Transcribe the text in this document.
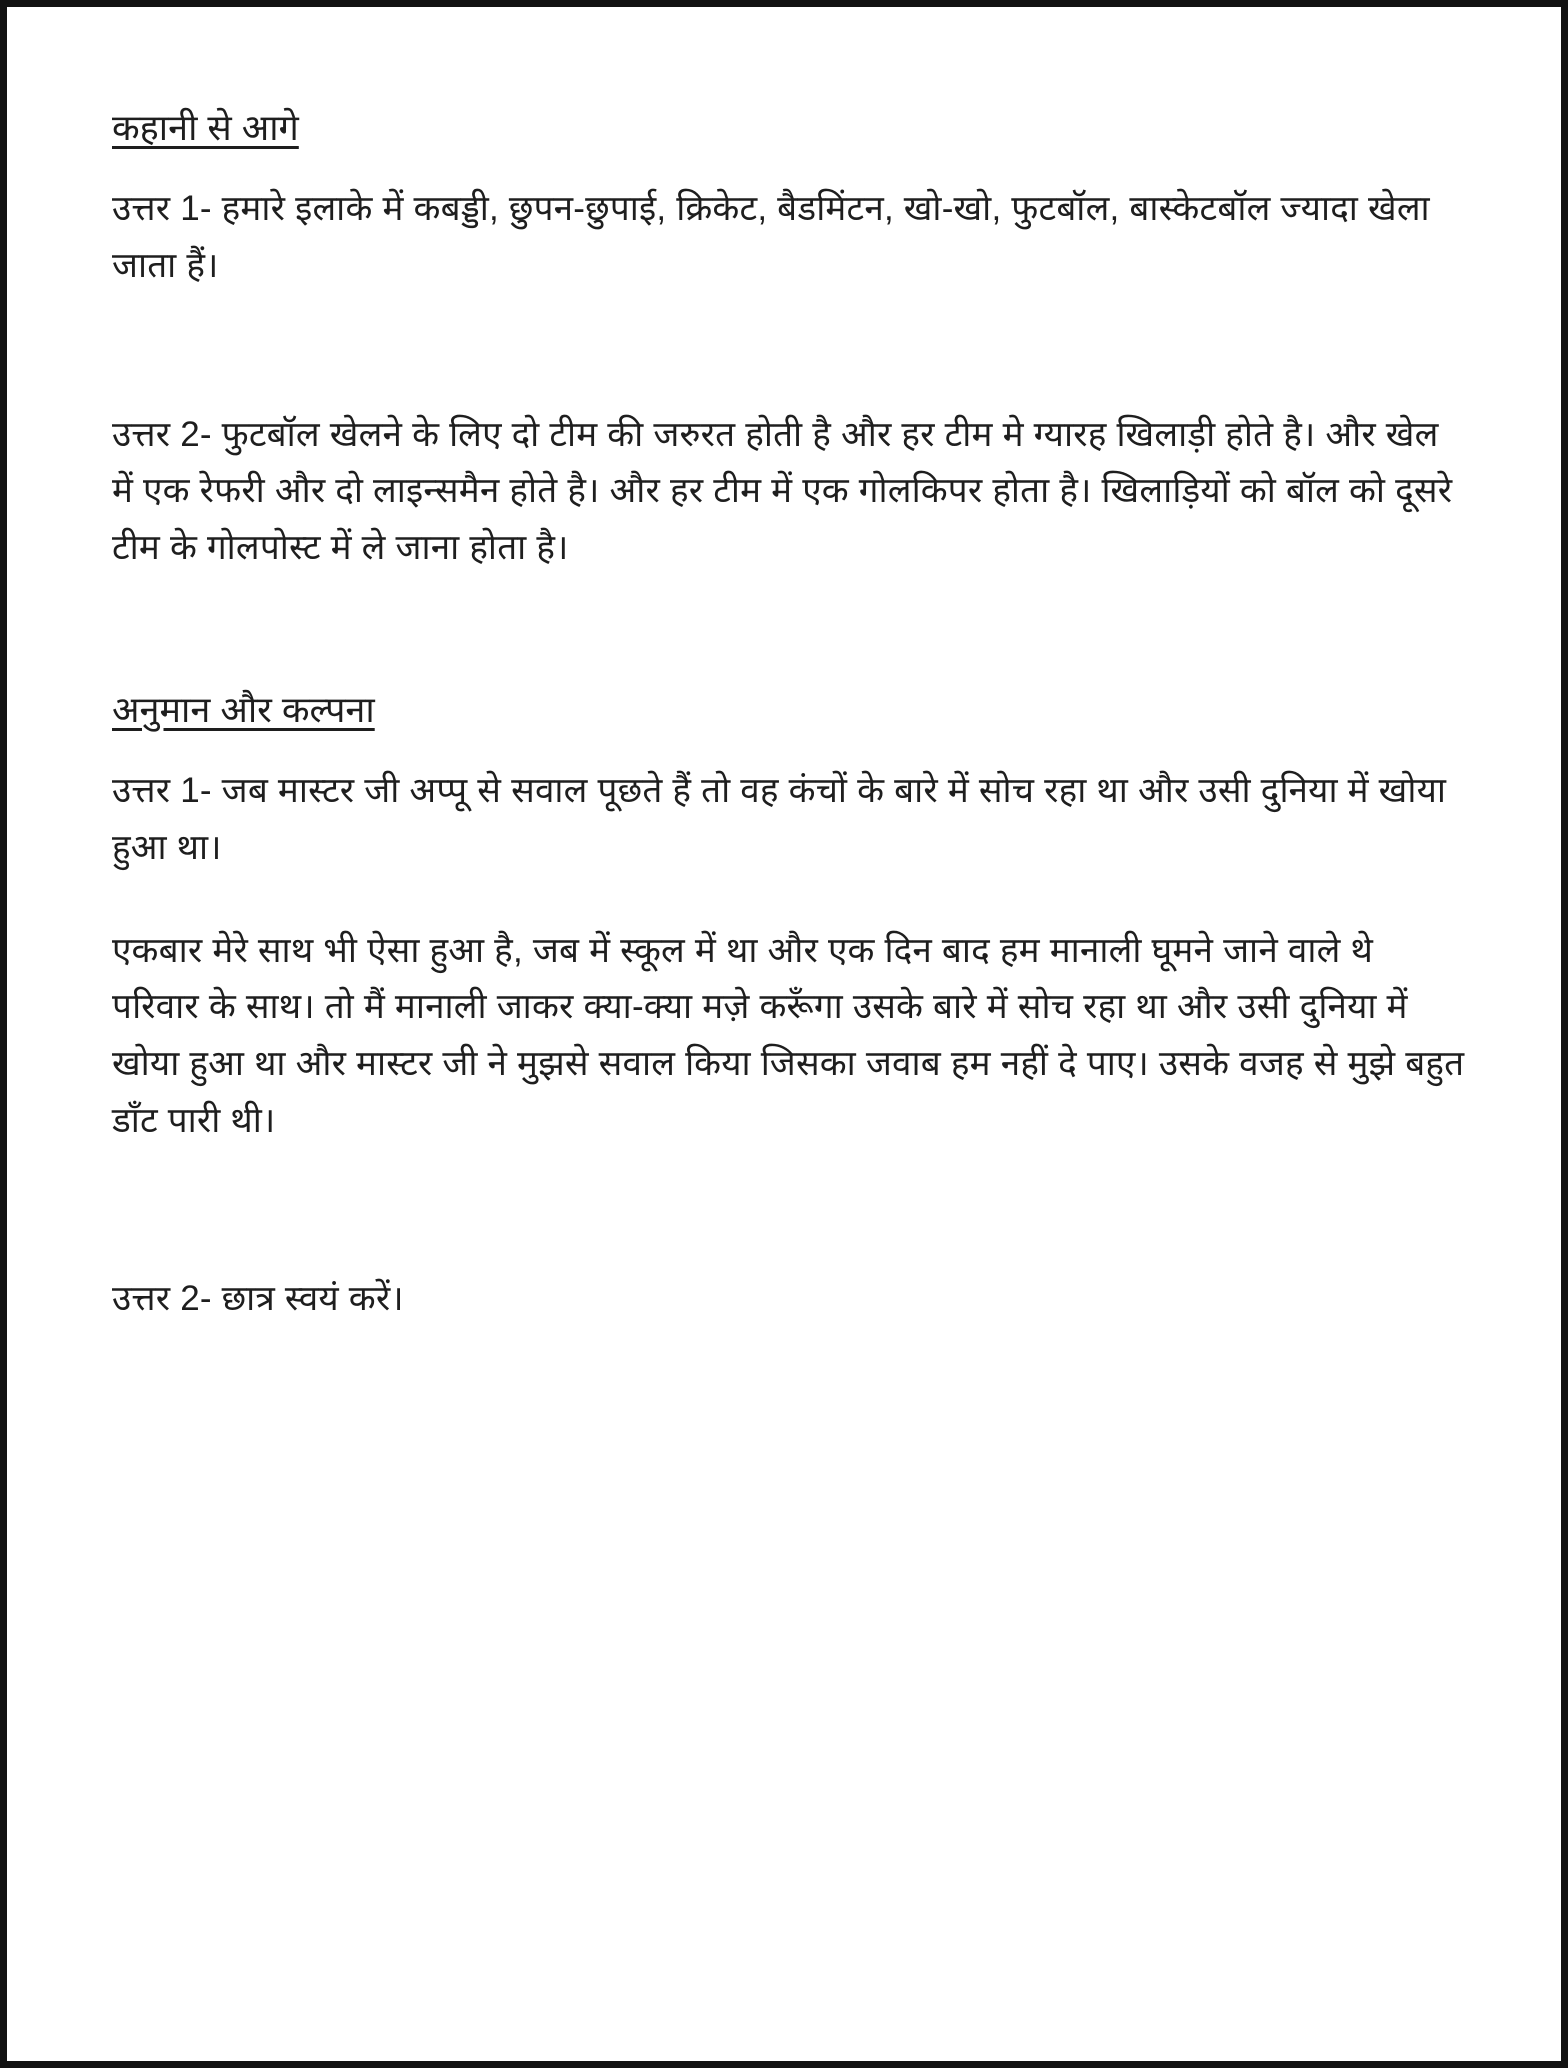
कहानी से आगे

उत्तर 1- हमारे इलाके में कबड्डी, छुपन-छुपाई, क्रिकेट, बैडमिंटन, खो-खो, फुटबॉल, बास्केटबॉल ज्यादा खेला जाता हैं।

उत्तर 2- फुटबॉल खेलने के लिए दो टीम की जरुरत होती है और हर टीम मे ग्यारह खिलाड़ी होते है। और खेल में एक रेफरी और दो लाइन्समैन होते है। और हर टीम में एक गोलकिपर होता है। खिलाड़ियों को बॉल को दूसरे टीम के गोलपोस्ट में ले जाना होता है।

अनुमान और कल्पना

उत्तर 1- जब मास्टर जी अप्पू से सवाल पूछते हैं तो वह कंचों के बारे में सोच रहा था और उसी दुनिया में खोया हुआ था।

एकबार मेरे साथ भी ऐसा हुआ है, जब में स्कूल में था और एक दिन बाद हम मानाली घूमने जाने वाले थे परिवार के साथ। तो मैं मानाली जाकर क्या-क्या मज़े करूँगा उसके बारे में सोच रहा था और उसी दुनिया में खोया हुआ था और मास्टर जी ने मुझसे सवाल किया जिसका जवाब हम नहीं दे पाए। उसके वजह से मुझे बहुत डाँट पारी थी।

उत्तर 2- छात्र स्वयं करें।
